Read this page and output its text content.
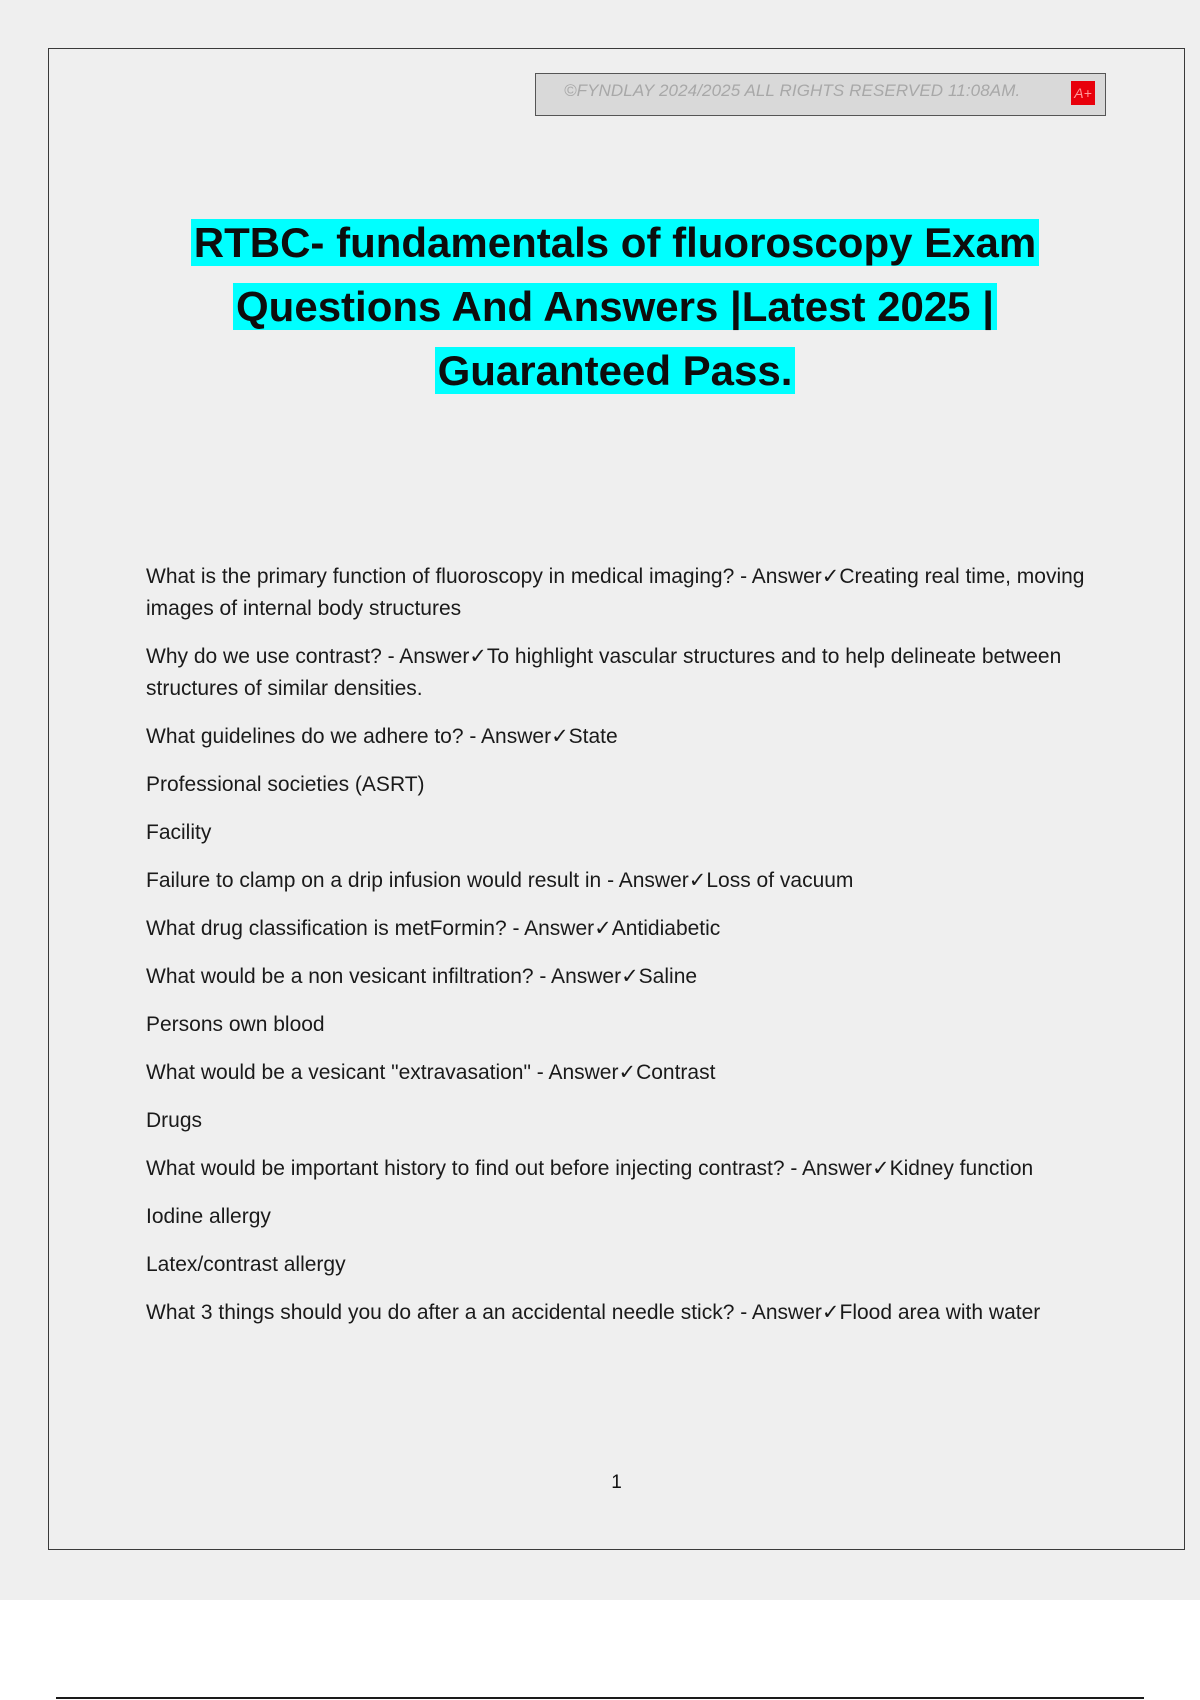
©FYNDLAY 2024/2025 ALL RIGHTS RESERVED 11:08AM.	A+
RTBC- fundamentals of fluoroscopy Exam
Questions And Answers |Latest 2025 |
Guaranteed Pass.
What is the primary function of fluoroscopy in medical imaging? - Answer✓Creating real time, moving images of internal body structures
Why do we use contrast? - Answer✓To highlight vascular structures and to help delineate between structures of similar densities.
What guidelines do we adhere to? - Answer✓State
Professional societies (ASRT)
Facility
Failure to clamp on a drip infusion would result in - Answer✓Loss of vacuum
What drug classification is metFormin? - Answer✓Antidiabetic
What would be a non vesicant infiltration? - Answer✓Saline
Persons own blood
What would be a vesicant "extravasation" - Answer✓Contrast
Drugs
What would be important history to find out before injecting contrast? - Answer✓Kidney function
Iodine allergy
Latex/contrast allergy
What 3 things should you do after a an accidental needle stick? - Answer✓Flood area with water
1
